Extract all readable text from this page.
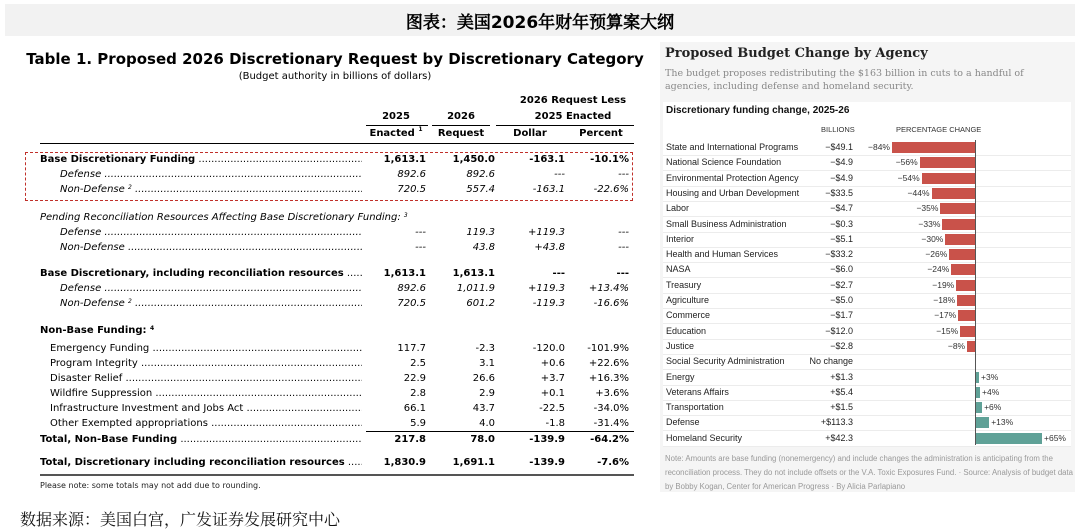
图表：美国2026年财年预算案大纲
Table 1. Proposed 2026 Discretionary Request by Discretionary Category
(Budget authority in billions of dollars)
2026 Request Less
2025 Enacted
2025	2026
Enacted $^1$	Request	Dollar	Percent
Base Discretionary Funding .....	1,613.1	1,450.0	-163.1	-10.1%
Defense .....	892.6	892.6	---	---
Non-Defense $^2$ .....	720.5	557.4	-163.1	-22.6%
Pending Reconciliation Resources Affecting Base Discretionary Funding: $^3$
Defense .....	---	119.3	+119.3	---
Non-Defense .....	---	43.8	+43.8	---
Base Discretionary, including reconciliation resources .....	1,613.1	1,613.1	---	---
Defense .....	892.6	1,011.9	+119.3	+13.4%
Non-Defense $^2$ .....	720.5	601.2	-119.3	-16.6%
Non-Base Funding: $^4$
Emergency Funding .....	117.7	-2.3	-120.0	-101.9%
Program Integrity .....	2.5	3.1	+0.6	+22.6%
Disaster Relief .....	22.9	26.6	+3.7	+16.3%
Wildfire Suppression .....	2.8	2.9	+0.1	+3.6%
Infrastructure Investment and Jobs Act .....	66.1	43.7	-22.5	-34.0%
Other Exempted appropriations .....	5.9	4.0	-1.8	-31.4%
Total, Non-Base Funding .....	217.8	78.0	-139.9	-64.2%
Total, Discretionary including reconciliation resources .....	1,830.9	1,691.1	-139.9	-7.6%
Please note: some totals may not add due to rounding.
数据来源：美国白宫，广发证券发展研究中心
Proposed Budget Change by Agency
The budget proposes redistributing the $163 billion in cuts to a handful of agencies, including defense and homeland security.
Discretionary funding change, 2025-26
BILLIONS	PERCENTAGE CHANGE
State and International Programs	−$49.1 −84%
National Science Foundation	−$4.9	−56%
Environmental Protection Agency	−$4.9	−54%
Housing and Urban Development	−$33.5	−44%
Labor	−$4.7	−35%
Small Business Administration	−$0.3	−33%
Interior	−$5.1	−30%
Health and Human Services	−$33.2	−26%
NASA	−$6.0	−24%
Treasury	−$2.7	−19%
Agriculture	−$5.0	−18%
Commerce	−$1.7	−17%
Education	−$12.0	−15%
Justice	−$2.8	−8%
Social Security Administration	No change
Energy	+$1.3	+3%
Veterans Affairs	+$5.4	+4%
Transportation	+$1.5	+6%
Defense	+$113.3	+13%
Homeland Security	+$42.3	+65%
Note: Amounts are base funding (nonemergency) and include changes the administration is anticipating from the reconciliation process. They do not include offsets or the V.A. Toxic Exposures Fund. · Source: Analysis of budget data by Bobby Kogan, Center for American Progress · By Alicia Parlapiano
